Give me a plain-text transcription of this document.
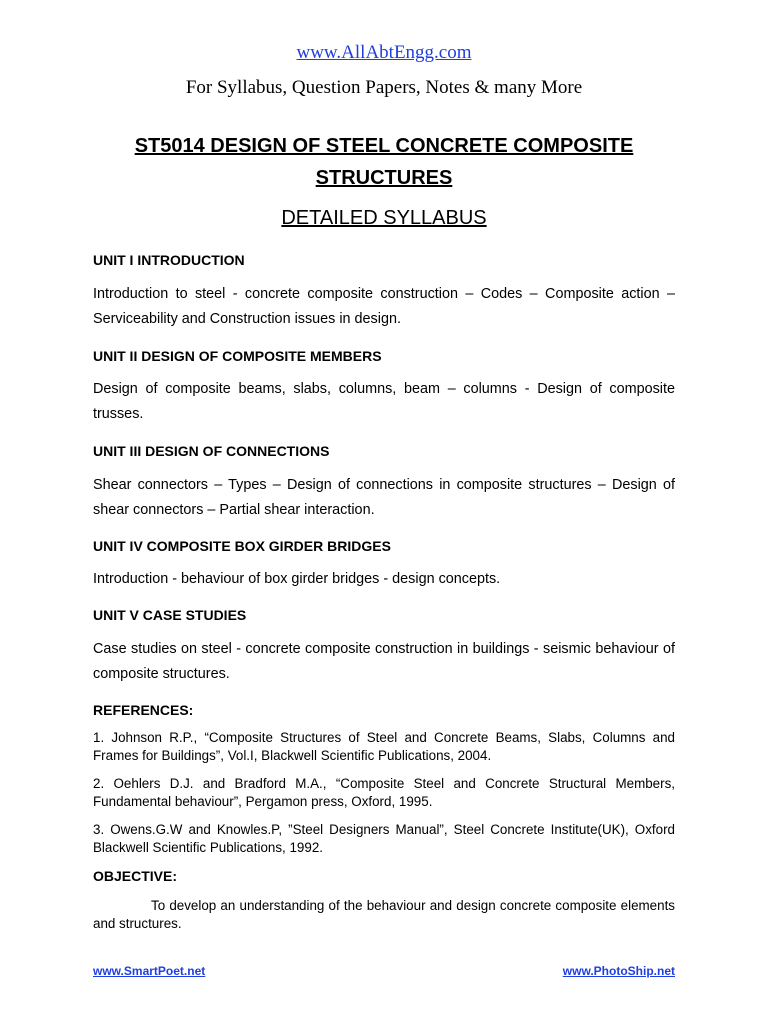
www.AllAbtEngg.com
For Syllabus, Question Papers, Notes & many More
ST5014 DESIGN OF STEEL CONCRETE COMPOSITE
STRUCTURES
DETAILED SYLLABUS

UNIT I INTRODUCTION

Introduction to steel - concrete composite construction – Codes – Composite action – Serviceability and Construction issues in design.

UNIT II DESIGN OF COMPOSITE MEMBERS

Design of composite beams, slabs, columns, beam – columns - Design of composite trusses.

UNIT III DESIGN OF CONNECTIONS

Shear connectors – Types – Design of connections in composite structures – Design of shear connectors – Partial shear interaction.

UNIT IV COMPOSITE BOX GIRDER BRIDGES

Introduction - behaviour of box girder bridges - design concepts.

UNIT V CASE STUDIES

Case studies on steel - concrete composite construction in buildings - seismic behaviour of composite structures.

REFERENCES:

1. Johnson R.P., “Composite Structures of Steel and Concrete Beams, Slabs, Columns and Frames for Buildings”, Vol.I, Blackwell Scientific Publications, 2004.

2. Oehlers D.J. and Bradford M.A., “Composite Steel and Concrete Structural Members, Fundamental behaviour”, Pergamon press, Oxford, 1995.

3. Owens.G.W and Knowles.P, ”Steel Designers Manual”, Steel Concrete Institute(UK), Oxford Blackwell Scientific Publications, 1992.

OBJECTIVE:

To develop an understanding of the behaviour and design concrete composite elements and structures.

www.SmartPoet.net	www.PhotoShip.net
